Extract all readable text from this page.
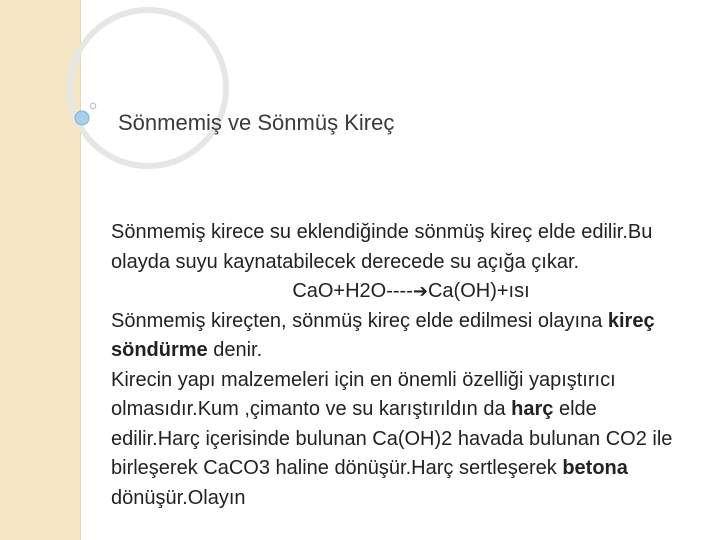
Sönmemiş ve Sönmüş Kireç

Sönmemiş kirece su eklendiğinde sönmüş kireç elde edilir.Bu olayda suyu kaynatabilecek derecede su açığa çıkar.

CaO+H2O----➔Ca(OH)+ısı

Sönmemiş kireçten, sönmüş kireç elde edilmesi olayına kireç söndürme denir.

Kirecin yapı malzemeleri için en önemli özelliği yapıştırıcı olmasıdır.Kum ,çimanto ve su karıştırıldın da harç elde edilir.Harç içerisinde bulunan Ca(OH)2 havada bulunan CO2 ile birleşerek CaCO3 haline dönüşür.Harç sertleşerek betona dönüşür.Olayın
